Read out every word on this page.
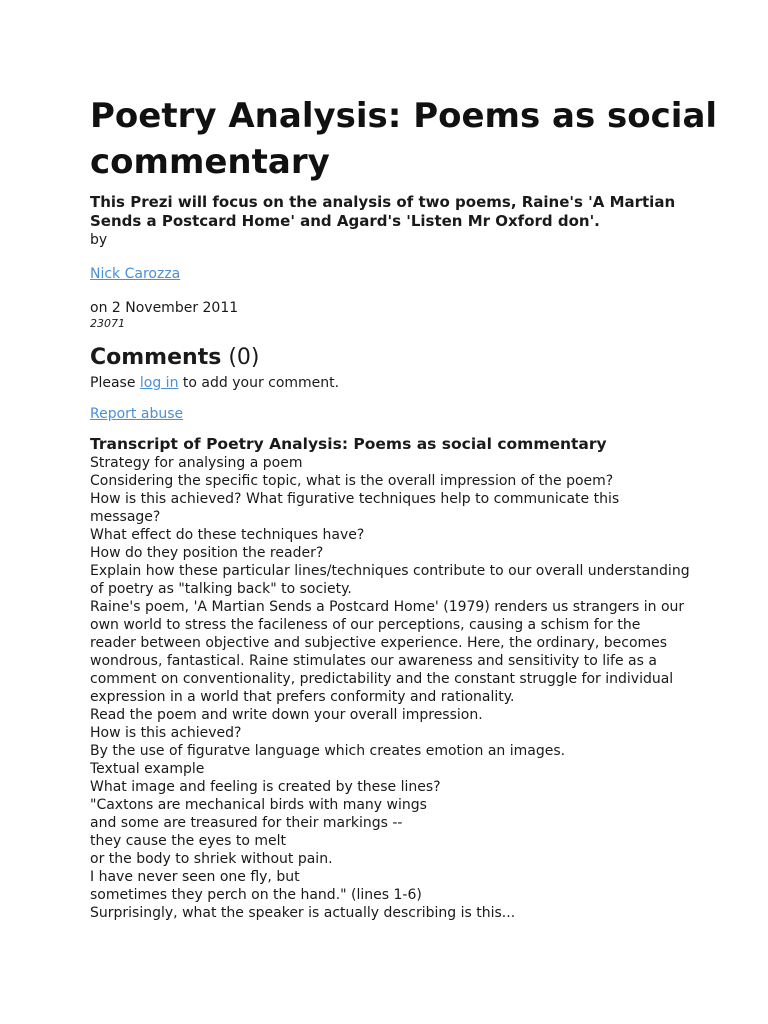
Poetry Analysis: Poems as social commentary
This Prezi will focus on the analysis of two poems, Raine's 'A Martian Sends a Postcard Home' and Agard's 'Listen Mr Oxford don'.
by
Nick Carozza
on 2 November 2011
23071
Comments (0)
Please log in to add your comment.
Report abuse
Transcript of Poetry Analysis: Poems as social commentary
Strategy for analysing a poem
Considering the specific topic, what is the overall impression of the poem?
How is this achieved? What figurative techniques help to communicate this message?
What effect do these techniques have?
How do they position the reader?
Explain how these particular lines/techniques contribute to our overall understanding of poetry as "talking back" to society.
Raine's poem, 'A Martian Sends a Postcard Home' (1979) renders us strangers in our own world to stress the facileness of our perceptions, causing a schism for the reader between objective and subjective experience. Here, the ordinary, becomes wondrous, fantastical. Raine stimulates our awareness and sensitivity to life as a comment on conventionality, predictability and the constant struggle for individual expression in a world that prefers conformity and rationality.
Read the poem and write down your overall impression.
How is this achieved?
By the use of figuratve language which creates emotion an images.
Textual example
What image and feeling is created by these lines?
"Caxtons are mechanical birds with many wings
and some are treasured for their markings --
they cause the eyes to melt
or the body to shriek without pain.
I have never seen one fly, but
sometimes they perch on the hand." (lines 1-6)
Surprisingly, what the speaker is actually describing is this...
